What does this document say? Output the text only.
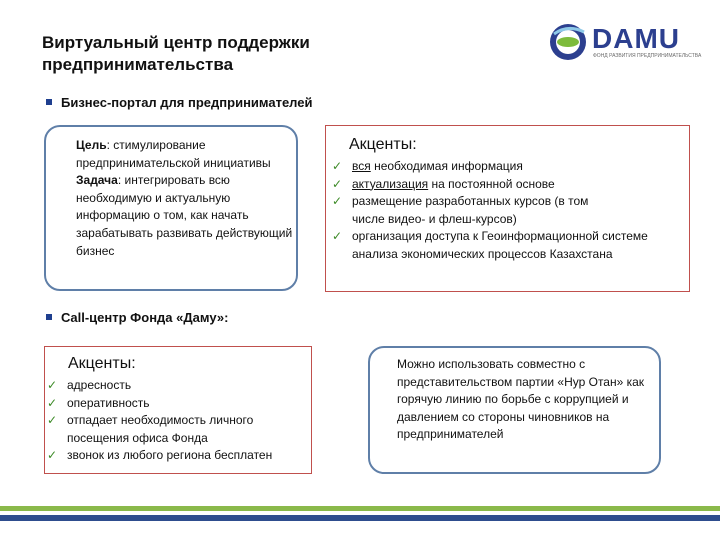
Виртуальный центр поддержки предпринимательства
DAMU
ФОНД РАЗВИТИЯ ПРЕДПРИНИМАТЕЛЬСТВА
Бизнес-портал для предпринимателей
Цель: стимулирование предпринимательской инициативы
Задача: интегрировать всю необходимую и актуальную информацию о том, как начать зарабатывать развивать действующий бизнес
Акценты:
✓ вся необходимая информация
✓ актуализация на постоянной основе
✓ размещение разработанных курсов (в том числе видео- и флеш-курсов)
✓ организация доступа к Геоинформационной системе анализа экономических процессов Казахстана
Call-центр Фонда «Даму»:
Акценты:
✓ адресность
✓ оперативность
✓ отпадает необходимость личного посещения офиса Фонда
✓ звонок из любого региона бесплатен
Можно использовать совместно с представительством партии «Нур Отан» как горячую линию по борьбе с коррупцией и давлением со стороны чиновников на предпринимателей
